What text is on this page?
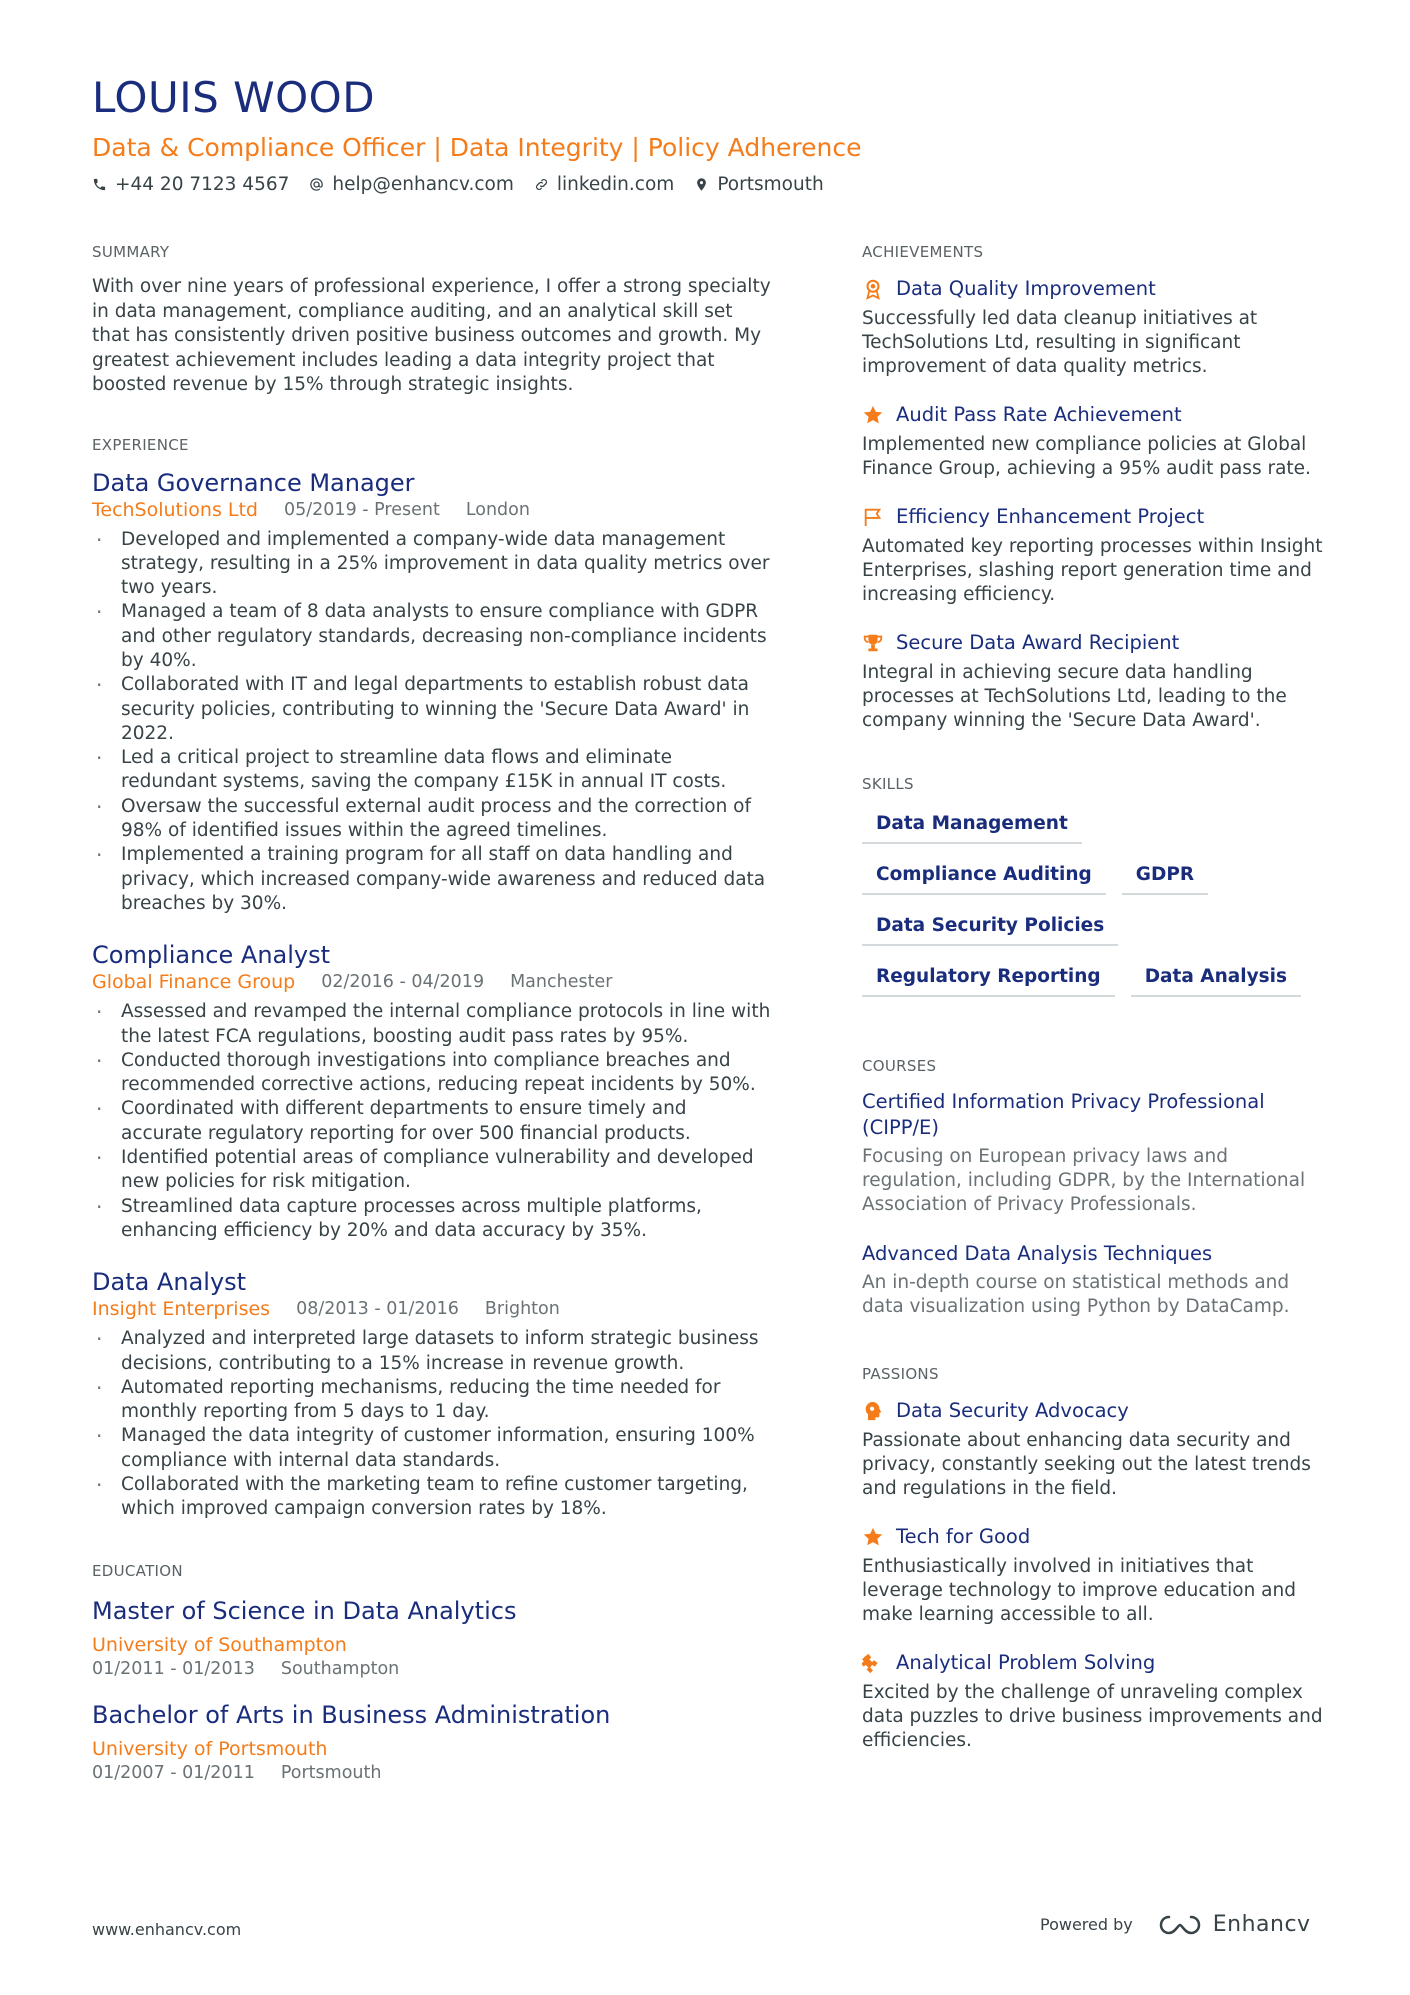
LOUIS WOOD
Data & Compliance Officer | Data Integrity | Policy Adherence
+44 20 7123 4567 help@enhancv.com linkedin.com Portsmouth
SUMMARY
With over nine years of professional experience, I offer a strong specialty in data management, compliance auditing, and an analytical skill set that has consistently driven positive business outcomes and growth. My greatest achievement includes leading a data integrity project that boosted revenue by 15% through strategic insights.
EXPERIENCE
Data Governance Manager
TechSolutions Ltd 05/2019 - Present London
· Developed and implemented a company-wide data management strategy, resulting in a 25% improvement in data quality metrics over two years.
· Managed a team of 8 data analysts to ensure compliance with GDPR and other regulatory standards, decreasing non-compliance incidents by 40%.
· Collaborated with IT and legal departments to establish robust data security policies, contributing to winning the 'Secure Data Award' in 2022.
· Led a critical project to streamline data flows and eliminate redundant systems, saving the company £15K in annual IT costs.
· Oversaw the successful external audit process and the correction of 98% of identified issues within the agreed timelines.
· Implemented a training program for all staff on data handling and privacy, which increased company-wide awareness and reduced data breaches by 30%.
Compliance Analyst
Global Finance Group 02/2016 - 04/2019 Manchester
· Assessed and revamped the internal compliance protocols in line with the latest FCA regulations, boosting audit pass rates by 95%.
· Conducted thorough investigations into compliance breaches and recommended corrective actions, reducing repeat incidents by 50%.
· Coordinated with different departments to ensure timely and accurate regulatory reporting for over 500 financial products.
· Identified potential areas of compliance vulnerability and developed new policies for risk mitigation.
· Streamlined data capture processes across multiple platforms, enhancing efficiency by 20% and data accuracy by 35%.
Data Analyst
Insight Enterprises 08/2013 - 01/2016 Brighton
· Analyzed and interpreted large datasets to inform strategic business decisions, contributing to a 15% increase in revenue growth.
· Automated reporting mechanisms, reducing the time needed for monthly reporting from 5 days to 1 day.
· Managed the data integrity of customer information, ensuring 100% compliance with internal data standards.
· Collaborated with the marketing team to refine customer targeting, which improved campaign conversion rates by 18%.
EDUCATION
Master of Science in Data Analytics
University of Southampton
01/2011 - 01/2013 Southampton
Bachelor of Arts in Business Administration
University of Portsmouth
01/2007 - 01/2011 Portsmouth
ACHIEVEMENTS
Data Quality Improvement
Successfully led data cleanup initiatives at TechSolutions Ltd, resulting in significant improvement of data quality metrics.
Audit Pass Rate Achievement
Implemented new compliance policies at Global Finance Group, achieving a 95% audit pass rate.
Efficiency Enhancement Project
Automated key reporting processes within Insight Enterprises, slashing report generation time and increasing efficiency.
Secure Data Award Recipient
Integral in achieving secure data handling processes at TechSolutions Ltd, leading to the company winning the 'Secure Data Award'.
SKILLS
Data Management
Compliance Auditing	GDPR
Data Security Policies
Regulatory Reporting	Data Analysis
COURSES
Certified Information Privacy Professional (CIPP/E)
Focusing on European privacy laws and regulation, including GDPR, by the International Association of Privacy Professionals.
Advanced Data Analysis Techniques
An in-depth course on statistical methods and data visualization using Python by DataCamp.
PASSIONS
Data Security Advocacy
Passionate about enhancing data security and privacy, constantly seeking out the latest trends and regulations in the field.
Tech for Good
Enthusiastically involved in initiatives that leverage technology to improve education and make learning accessible to all.
Analytical Problem Solving
Excited by the challenge of unraveling complex data puzzles to drive business improvements and efficiencies.
www.enhancv.com	Powered by	Enhancv
